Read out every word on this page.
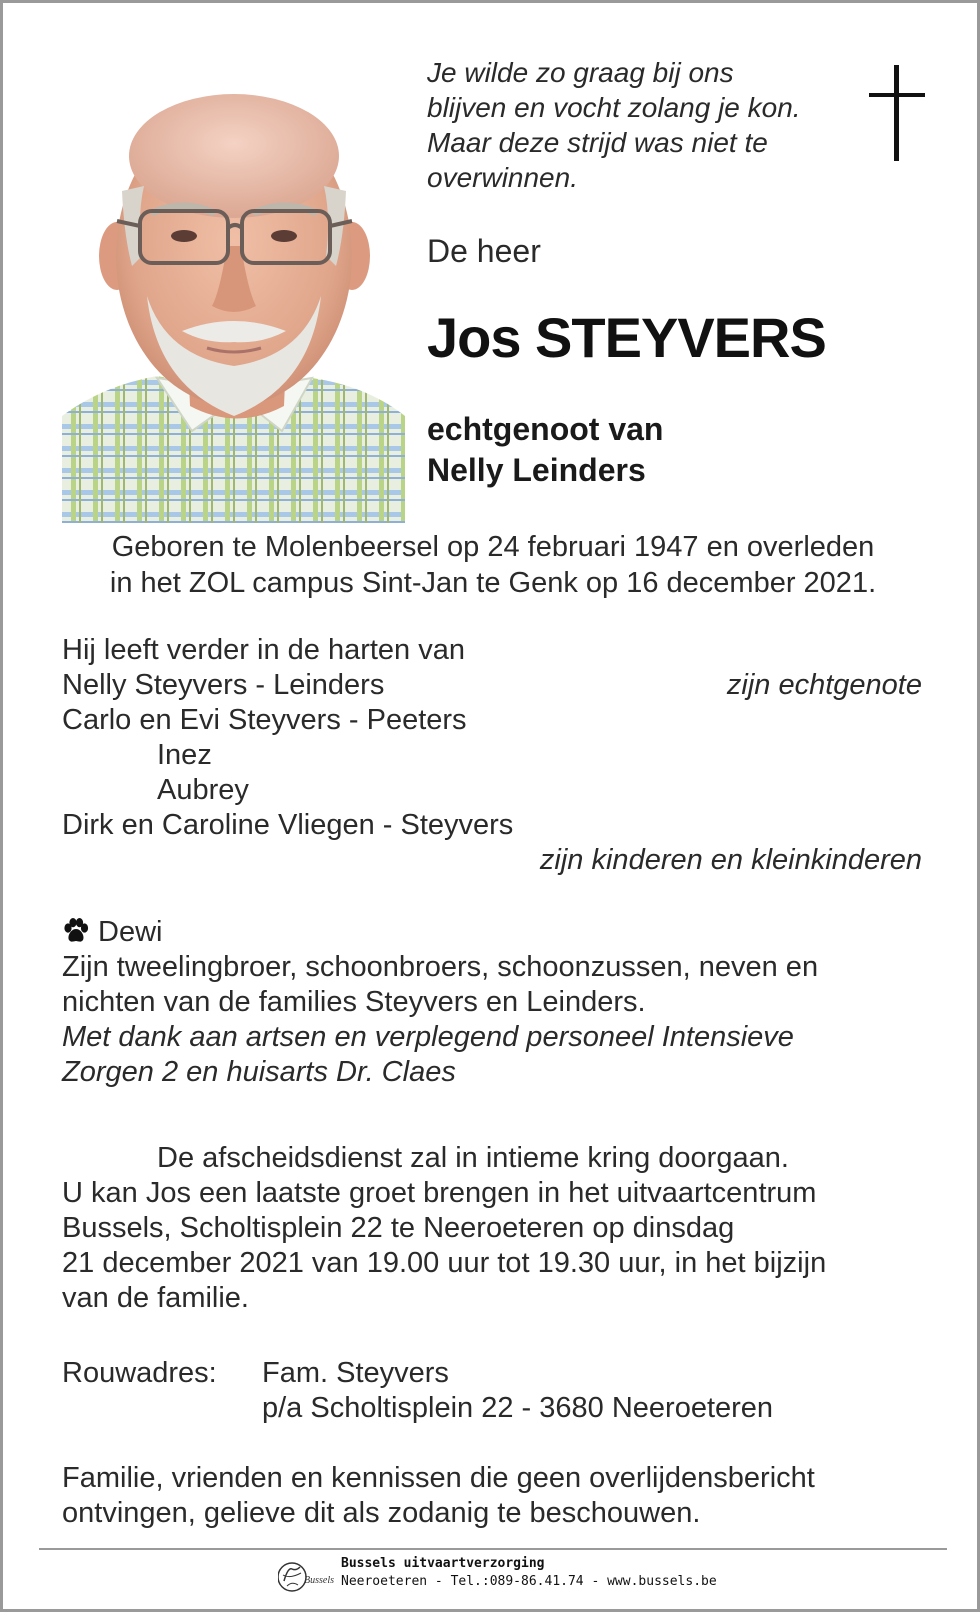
Je wilde zo graag bij ons
blijven en vocht zolang je kon.
Maar deze strijd was niet te
overwinnen.
De heer
Jos STEYVERS
echtgenoot van
Nelly Leinders
Geboren te Molenbeersel op 24 februari 1947 en overleden
in het ZOL campus Sint-Jan te Genk op 16 december 2021.
Hij leeft verder in de harten van
Nelly Steyvers - Leinders	zijn echtgenote
Carlo en Evi Steyvers - Peeters
Inez
Aubrey
Dirk en Caroline Vliegen - Steyvers
zijn kinderen en kleinkinderen
Dewi
Zijn tweelingbroer, schoonbroers, schoonzussen, neven en
nichten van de families Steyvers en Leinders.
Met dank aan artsen en verplegend personeel Intensieve
Zorgen 2 en huisarts Dr. Claes
De afscheidsdienst zal in intieme kring doorgaan.
U kan Jos een laatste groet brengen in het uitvaartcentrum
Bussels, Scholtisplein 22 te Neeroeteren op dinsdag
21 december 2021 van 19.00 uur tot 19.30 uur, in het bijzijn
van de familie.
Rouwadres: Fam. Steyvers
p/a Scholtisplein 22 - 3680 Neeroeteren
Familie, vrienden en kennissen die geen overlijdensbericht
ontvingen, gelieve dit als zodanig te beschouwen.
Bussels
Bussels uitvaartverzorging
Neeroeteren - Tel.:089-86.41.74 - www.bussels.be
